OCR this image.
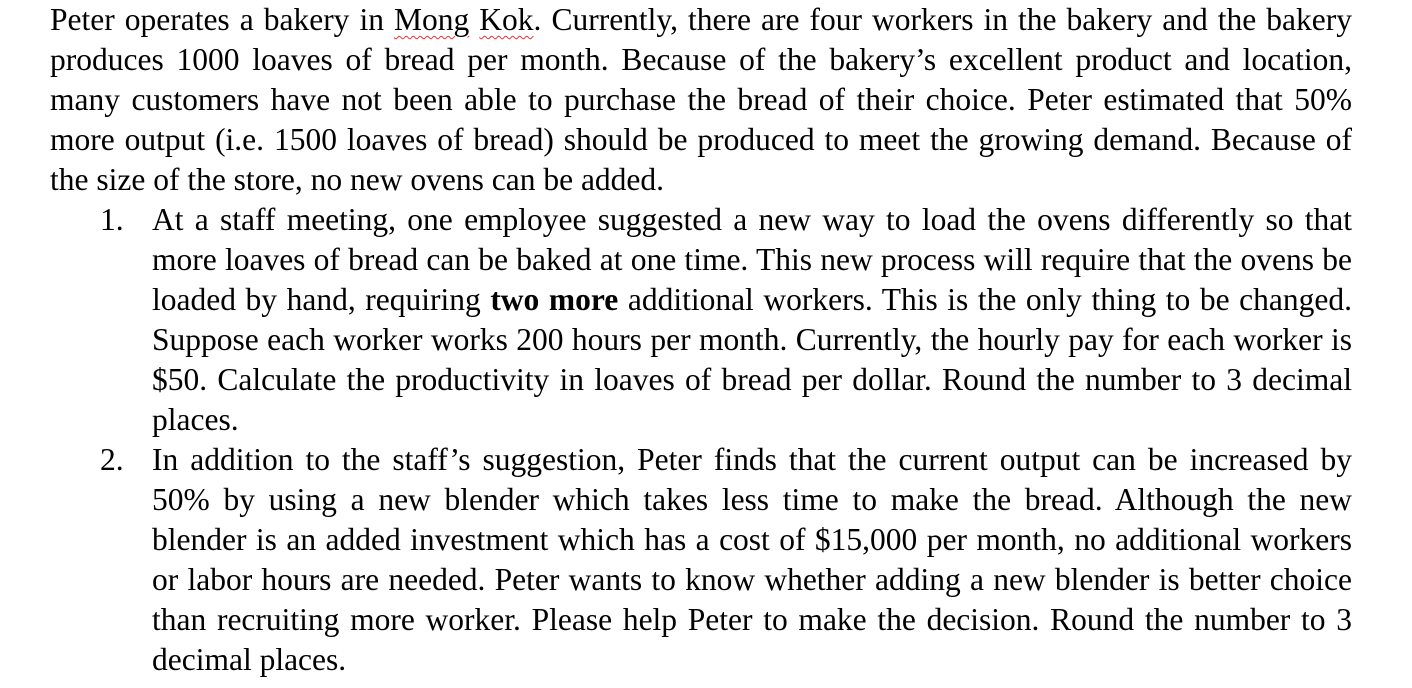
Peter operates a bakery in Mong Kok. Currently, there are four workers in the bakery and the bakery produces 1000 loaves of bread per month. Because of the bakery’s excellent product and location, many customers have not been able to purchase the bread of their choice. Peter estimated that 50% more output (i.e. 1500 loaves of bread) should be produced to meet the growing demand. Because of the size of the store, no new ovens can be added.

1. At a staff meeting, one employee suggested a new way to load the ovens differently so that more loaves of bread can be baked at one time. This new process will require that the ovens be loaded by hand, requiring two more additional workers. This is the only thing to be changed. Suppose each worker works 200 hours per month. Currently, the hourly pay for each worker is $50. Calculate the productivity in loaves of bread per dollar. Round the number to 3 decimal places.
2. In addition to the staff’s suggestion, Peter finds that the current output can be increased by 50% by using a new blender which takes less time to make the bread. Although the new blender is an added investment which has a cost of $15,000 per month, no additional workers or labor hours are needed. Peter wants to know whether adding a new blender is better choice than recruiting more worker. Please help Peter to make the decision. Round the number to 3 decimal places.
